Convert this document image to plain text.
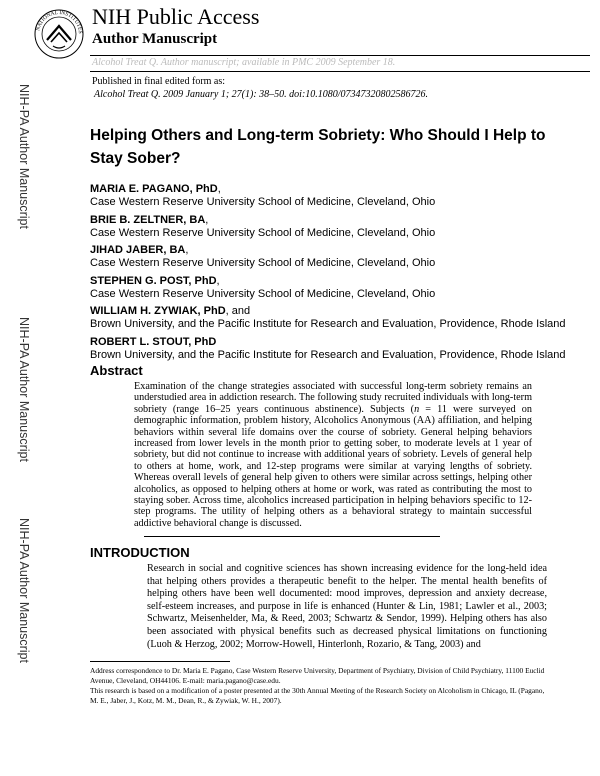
NATIONAL INSTITUTES
NIH Public Access
Author Manuscript
Alcohol Treat Q. Author manuscript; available in PMC 2009 September 18.
Published in final edited form as:
Alcohol Treat Q. 2009 January 1; 27(1): 38–50. doi:10.1080/07347320802586726.
NIH-PA Author Manuscript
NIH-PA Author Manuscript
NIH-PA Author Manuscript
Helping Others and Long-term Sobriety: Who Should I Help to Stay Sober?
MARIA E. PAGANO, PhD,
Case Western Reserve University School of Medicine, Cleveland, Ohio
BRIE B. ZELTNER, BA,
Case Western Reserve University School of Medicine, Cleveland, Ohio
JIHAD JABER, BA,
Case Western Reserve University School of Medicine, Cleveland, Ohio
STEPHEN G. POST, PhD,
Case Western Reserve University School of Medicine, Cleveland, Ohio
WILLIAM H. ZYWIAK, PhD, and
Brown University, and the Pacific Institute for Research and Evaluation, Providence, Rhode Island
ROBERT L. STOUT, PhD
Brown University, and the Pacific Institute for Research and Evaluation, Providence, Rhode Island
Abstract
Examination of the change strategies associated with successful long-term sobriety remains an understudied area in addiction research. The following study recruited individuals with long-term sobriety (range 16–25 years continuous abstinence). Subjects (n = 11 were surveyed on demographic information, problem history, Alcoholics Anonymous (AA) affiliation, and helping behaviors within several life domains over the course of sobriety. General helping behaviors increased from lower levels in the month prior to getting sober, to moderate levels at 1 year of sobriety, but did not continue to increase with additional years of sobriety. Levels of general help to others at home, work, and 12-step programs were similar at varying lengths of sobriety. Whereas overall levels of general help given to others were similar across settings, helping other alcoholics, as opposed to helping others at home or work, was rated as contributing the most to staying sober. Across time, alcoholics increased participation in helping behaviors specific to 12-step programs. The utility of helping others as a behavioral strategy to maintain successful addictive behavioral change is discussed.
INTRODUCTION
Research in social and cognitive sciences has shown increasing evidence for the long-held idea that helping others provides a therapeutic benefit to the helper. The mental health benefits of helping others have been well documented: mood improves, depression and anxiety decrease, self-esteem increases, and purpose in life is enhanced (Hunter & Lin, 1981; Lawler et al., 2003; Schwartz, Meisenhelder, Ma, & Reed, 2003; Schwartz & Sendor, 1999). Helping others has also been associated with physical benefits such as decreased physical limitations on functioning (Luoh & Herzog, 2002; Morrow-Howell, Hinterlonh, Rozario, & Tang, 2003) and

Address correspondence to Dr. Maria E. Pagano, Case Western Reserve University, Department of Psychiatry, Division of Child Psychiatry, 11100 Euclid Avenue, Cleveland, OH44106. E-mail: maria.pagano@case.edu.

This research is based on a modification of a poster presented at the 30th Annual Meeting of the Research Society on Alcoholism in Chicago, IL (Pagano, M. E., Jaber, J., Kotz, M. M., Dean, R., & Zywiak, W. H., 2007).
